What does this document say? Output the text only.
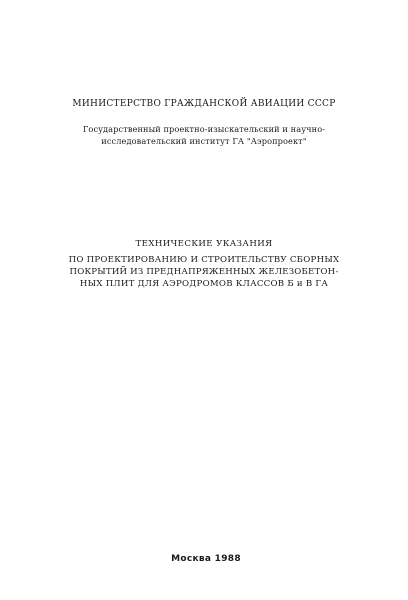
МИНИСТЕРСТВО ГРАЖДАНСКОЙ АВИАЦИИ СССР
Государственный проектно-изыскательский и научно-
исследовательский институт ГА "Аэропроект"
ТЕХНИЧЕСКИЕ УКАЗАНИЯ
ПО ПРОЕКТИРОВАНИЮ И СТРОИТЕЛЬСТВУ СБОРНЫХ
ПОКРЫТИЙ ИЗ ПРЕДНАПРЯЖЕННЫХ ЖЕЛЕЗОБЕТОН-
НЫХ ПЛИТ ДЛЯ АЭРОДРОМОВ КЛАССОВ Б и В ГА
Москва 1988
